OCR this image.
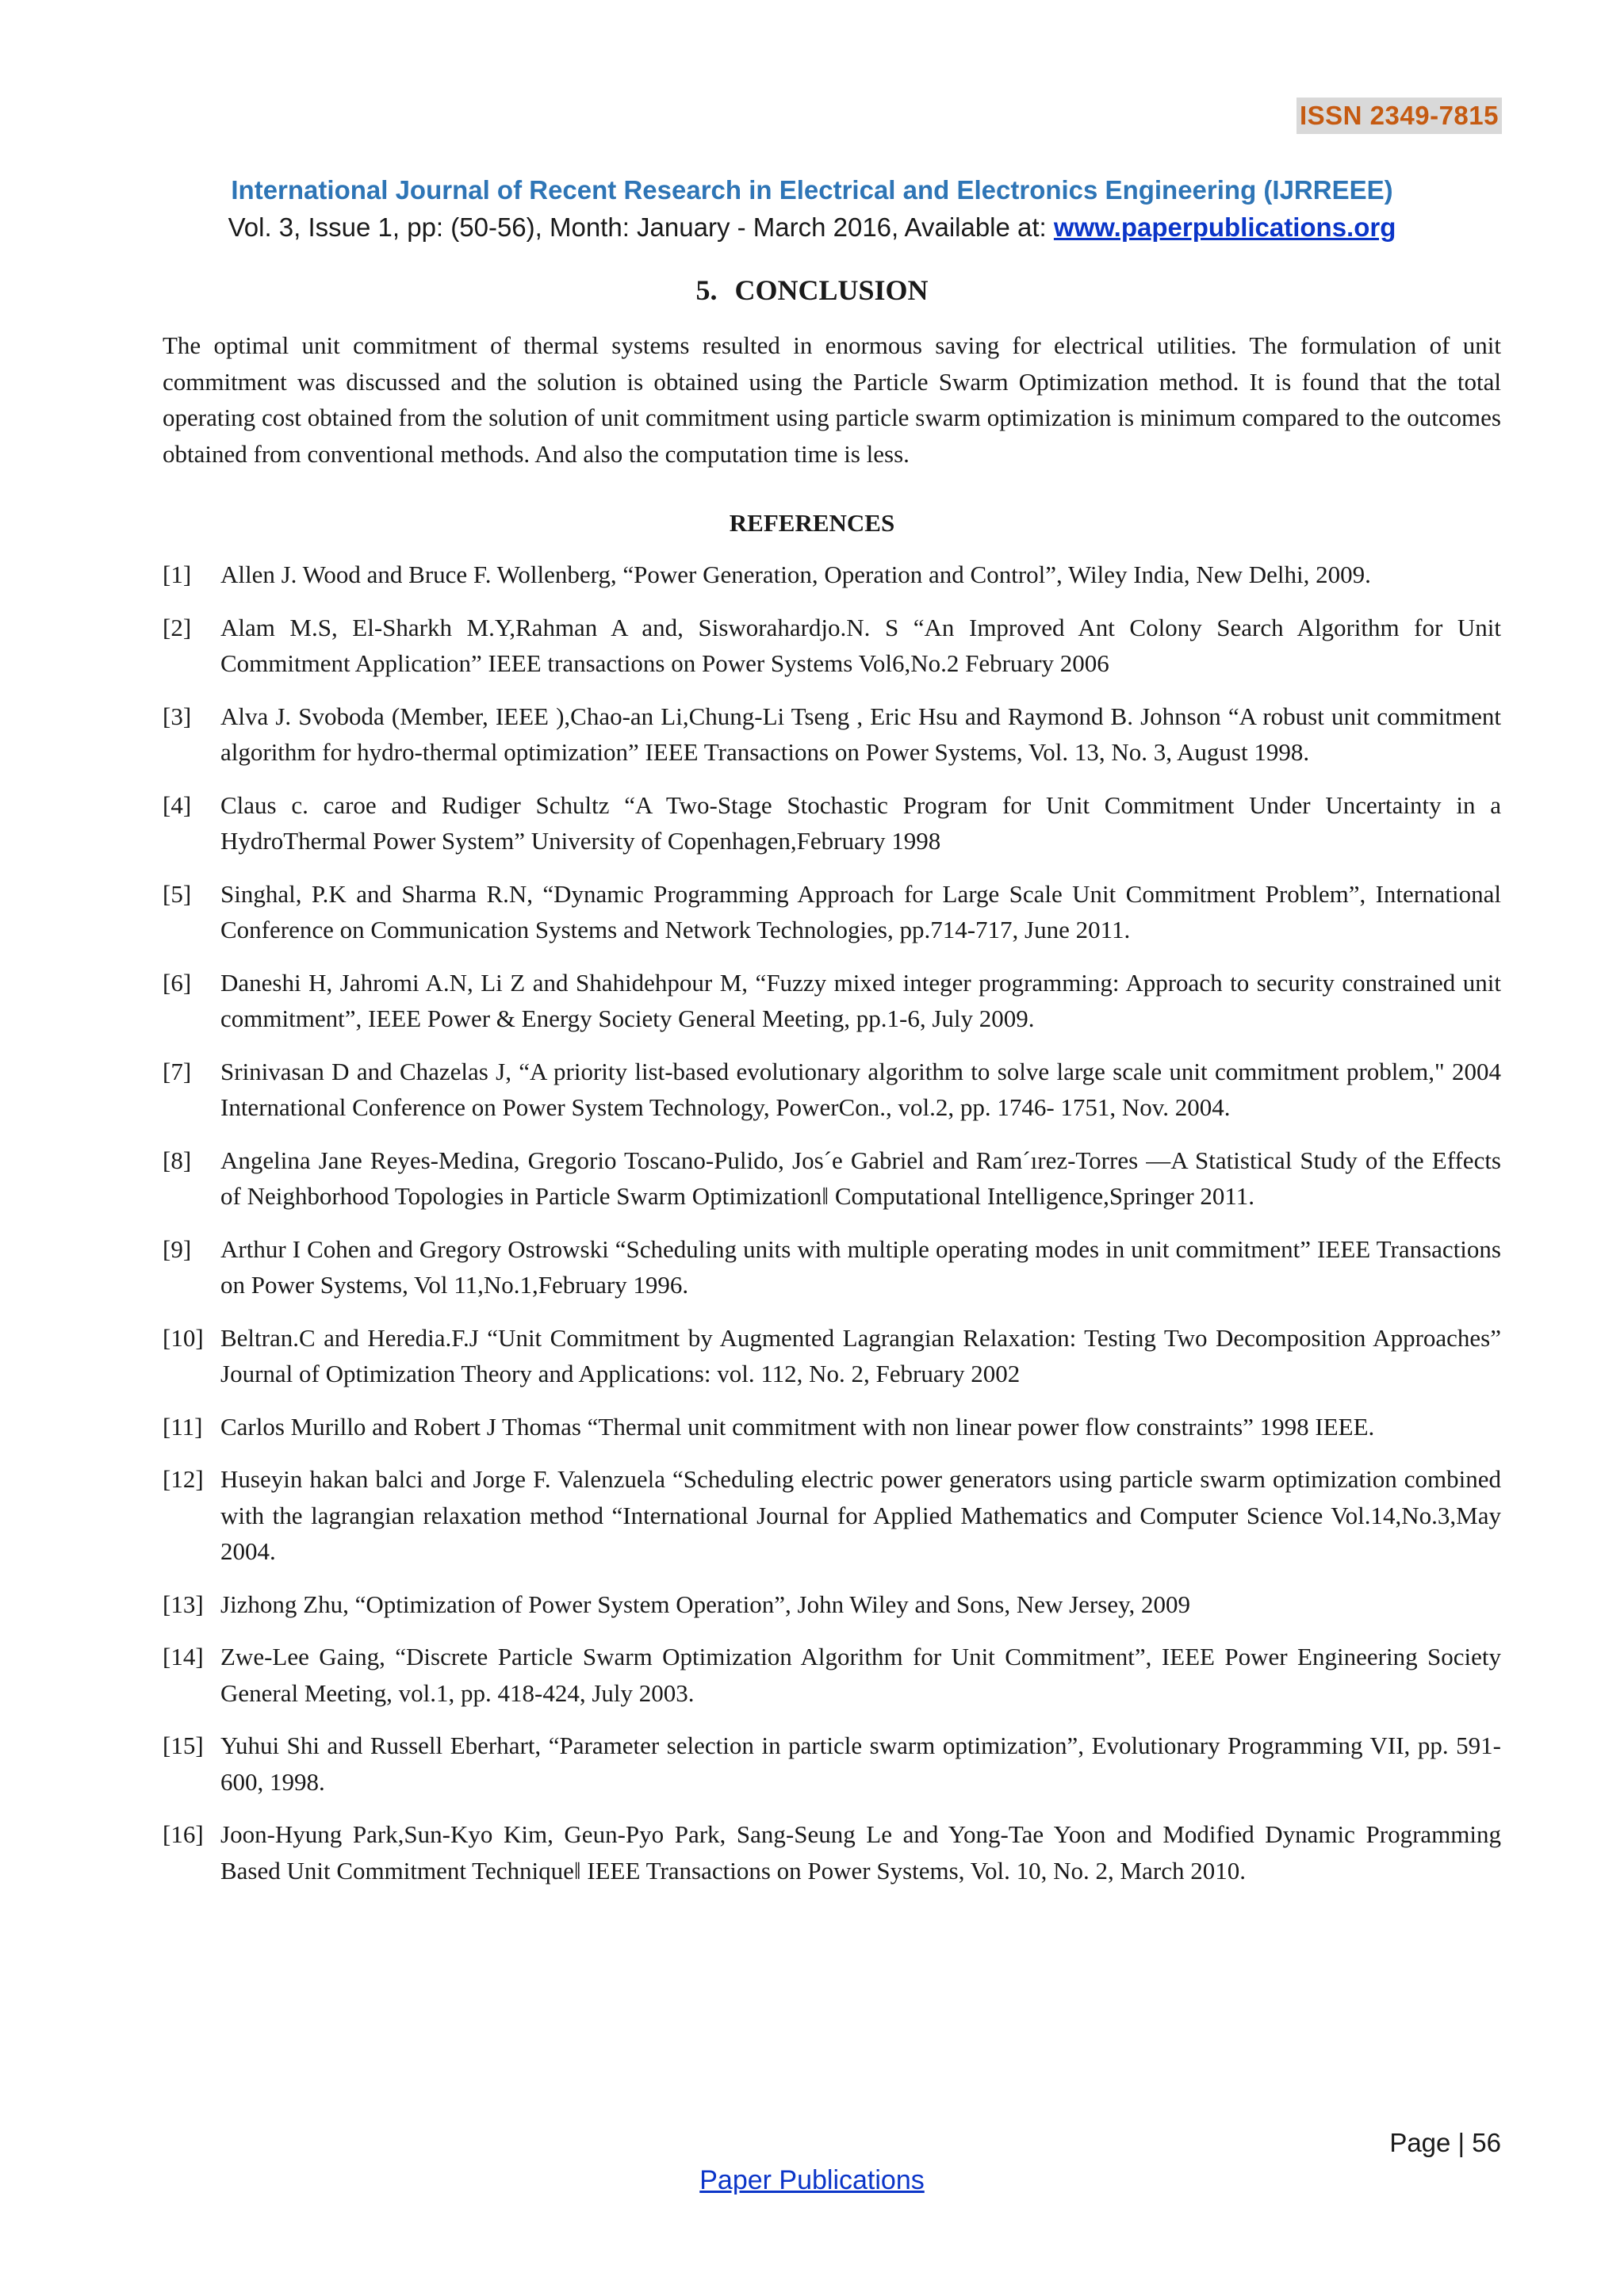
ISSN 2349-7815
International Journal of Recent Research in Electrical and Electronics Engineering (IJRREEE)
Vol. 3, Issue 1, pp: (50-56), Month: January - March 2016, Available at: www.paperpublications.org
5. CONCLUSION

The optimal unit commitment of thermal systems resulted in enormous saving for electrical utilities. The formulation of unit commitment was discussed and the solution is obtained using the Particle Swarm Optimization method. It is found that the total operating cost obtained from the solution of unit commitment using particle swarm optimization is minimum compared to the outcomes obtained from conventional methods. And also the computation time is less.

REFERENCES
[1] Allen J. Wood and Bruce F. Wollenberg, “Power Generation, Operation and Control”, Wiley India, New Delhi, 2009.
[2] Alam M.S, El-Sharkh M.Y,Rahman A and, Sisworahardjo.N. S “An Improved Ant Colony Search Algorithm for Unit Commitment Application” IEEE transactions on Power Systems Vol6,No.2 February 2006
[3] Alva J. Svoboda (Member, IEEE ),Chao-an Li,Chung-Li Tseng , Eric Hsu and Raymond B. Johnson “A robust unit commitment algorithm for hydro-thermal optimization” IEEE Transactions on Power Systems, Vol. 13, No. 3, August 1998.
[4] Claus c. caroe and Rudiger Schultz “A Two-Stage Stochastic Program for Unit Commitment Under Uncertainty in a HydroThermal Power System” University of Copenhagen,February 1998
[5] Singhal, P.K and Sharma R.N, “Dynamic Programming Approach for Large Scale Unit Commitment Problem”, International Conference on Communication Systems and Network Technologies, pp.714-717, June 2011.
[6] Daneshi H, Jahromi A.N, Li Z and Shahidehpour M, “Fuzzy mixed integer programming: Approach to security constrained unit commitment”, IEEE Power & Energy Society General Meeting, pp.1-6, July 2009.
[7] Srinivasan D and Chazelas J, “A priority list-based evolutionary algorithm to solve large scale unit commitment problem," 2004 International Conference on Power System Technology, PowerCon., vol.2, pp. 1746- 1751, Nov. 2004.
[8] Angelina Jane Reyes-Medina, Gregorio Toscano-Pulido, Jos´e Gabriel and Ram´ırez-Torres ―A Statistical Study of the Effects of Neighborhood Topologies in Particle Swarm Optimization‖ Computational Intelligence,Springer 2011.
[9] Arthur I Cohen and Gregory Ostrowski “Scheduling units with multiple operating modes in unit commitment” IEEE Transactions on Power Systems, Vol 11,No.1,February 1996.
[10] Beltran.C and Heredia.F.J “Unit Commitment by Augmented Lagrangian Relaxation: Testing Two Decomposition Approaches” Journal of Optimization Theory and Applications: vol. 112, No. 2, February 2002
[11] Carlos Murillo and Robert J Thomas “Thermal unit commitment with non linear power flow constraints” 1998 IEEE.
[12] Huseyin hakan balci and Jorge F. Valenzuela “Scheduling electric power generators using particle swarm optimization combined with the lagrangian relaxation method “International Journal for Applied Mathematics and Computer Science Vol.14,No.3,May 2004.
[13] Jizhong Zhu, “Optimization of Power System Operation”, John Wiley and Sons, New Jersey, 2009
[14] Zwe-Lee Gaing, “Discrete Particle Swarm Optimization Algorithm for Unit Commitment”, IEEE Power Engineering Society General Meeting, vol.1, pp. 418-424, July 2003.
[15] Yuhui Shi and Russell Eberhart, “Parameter selection in particle swarm optimization”, Evolutionary Programming VII, pp. 591-600, 1998.
[16] Joon-Hyung Park,Sun-Kyo Kim, Geun-Pyo Park, Sang-Seung Le and Yong-Tae Yoon and Modified Dynamic Programming Based Unit Commitment Technique‖ IEEE Transactions on Power Systems, Vol. 10, No. 2, March 2010.
Page | 56
Paper Publications
